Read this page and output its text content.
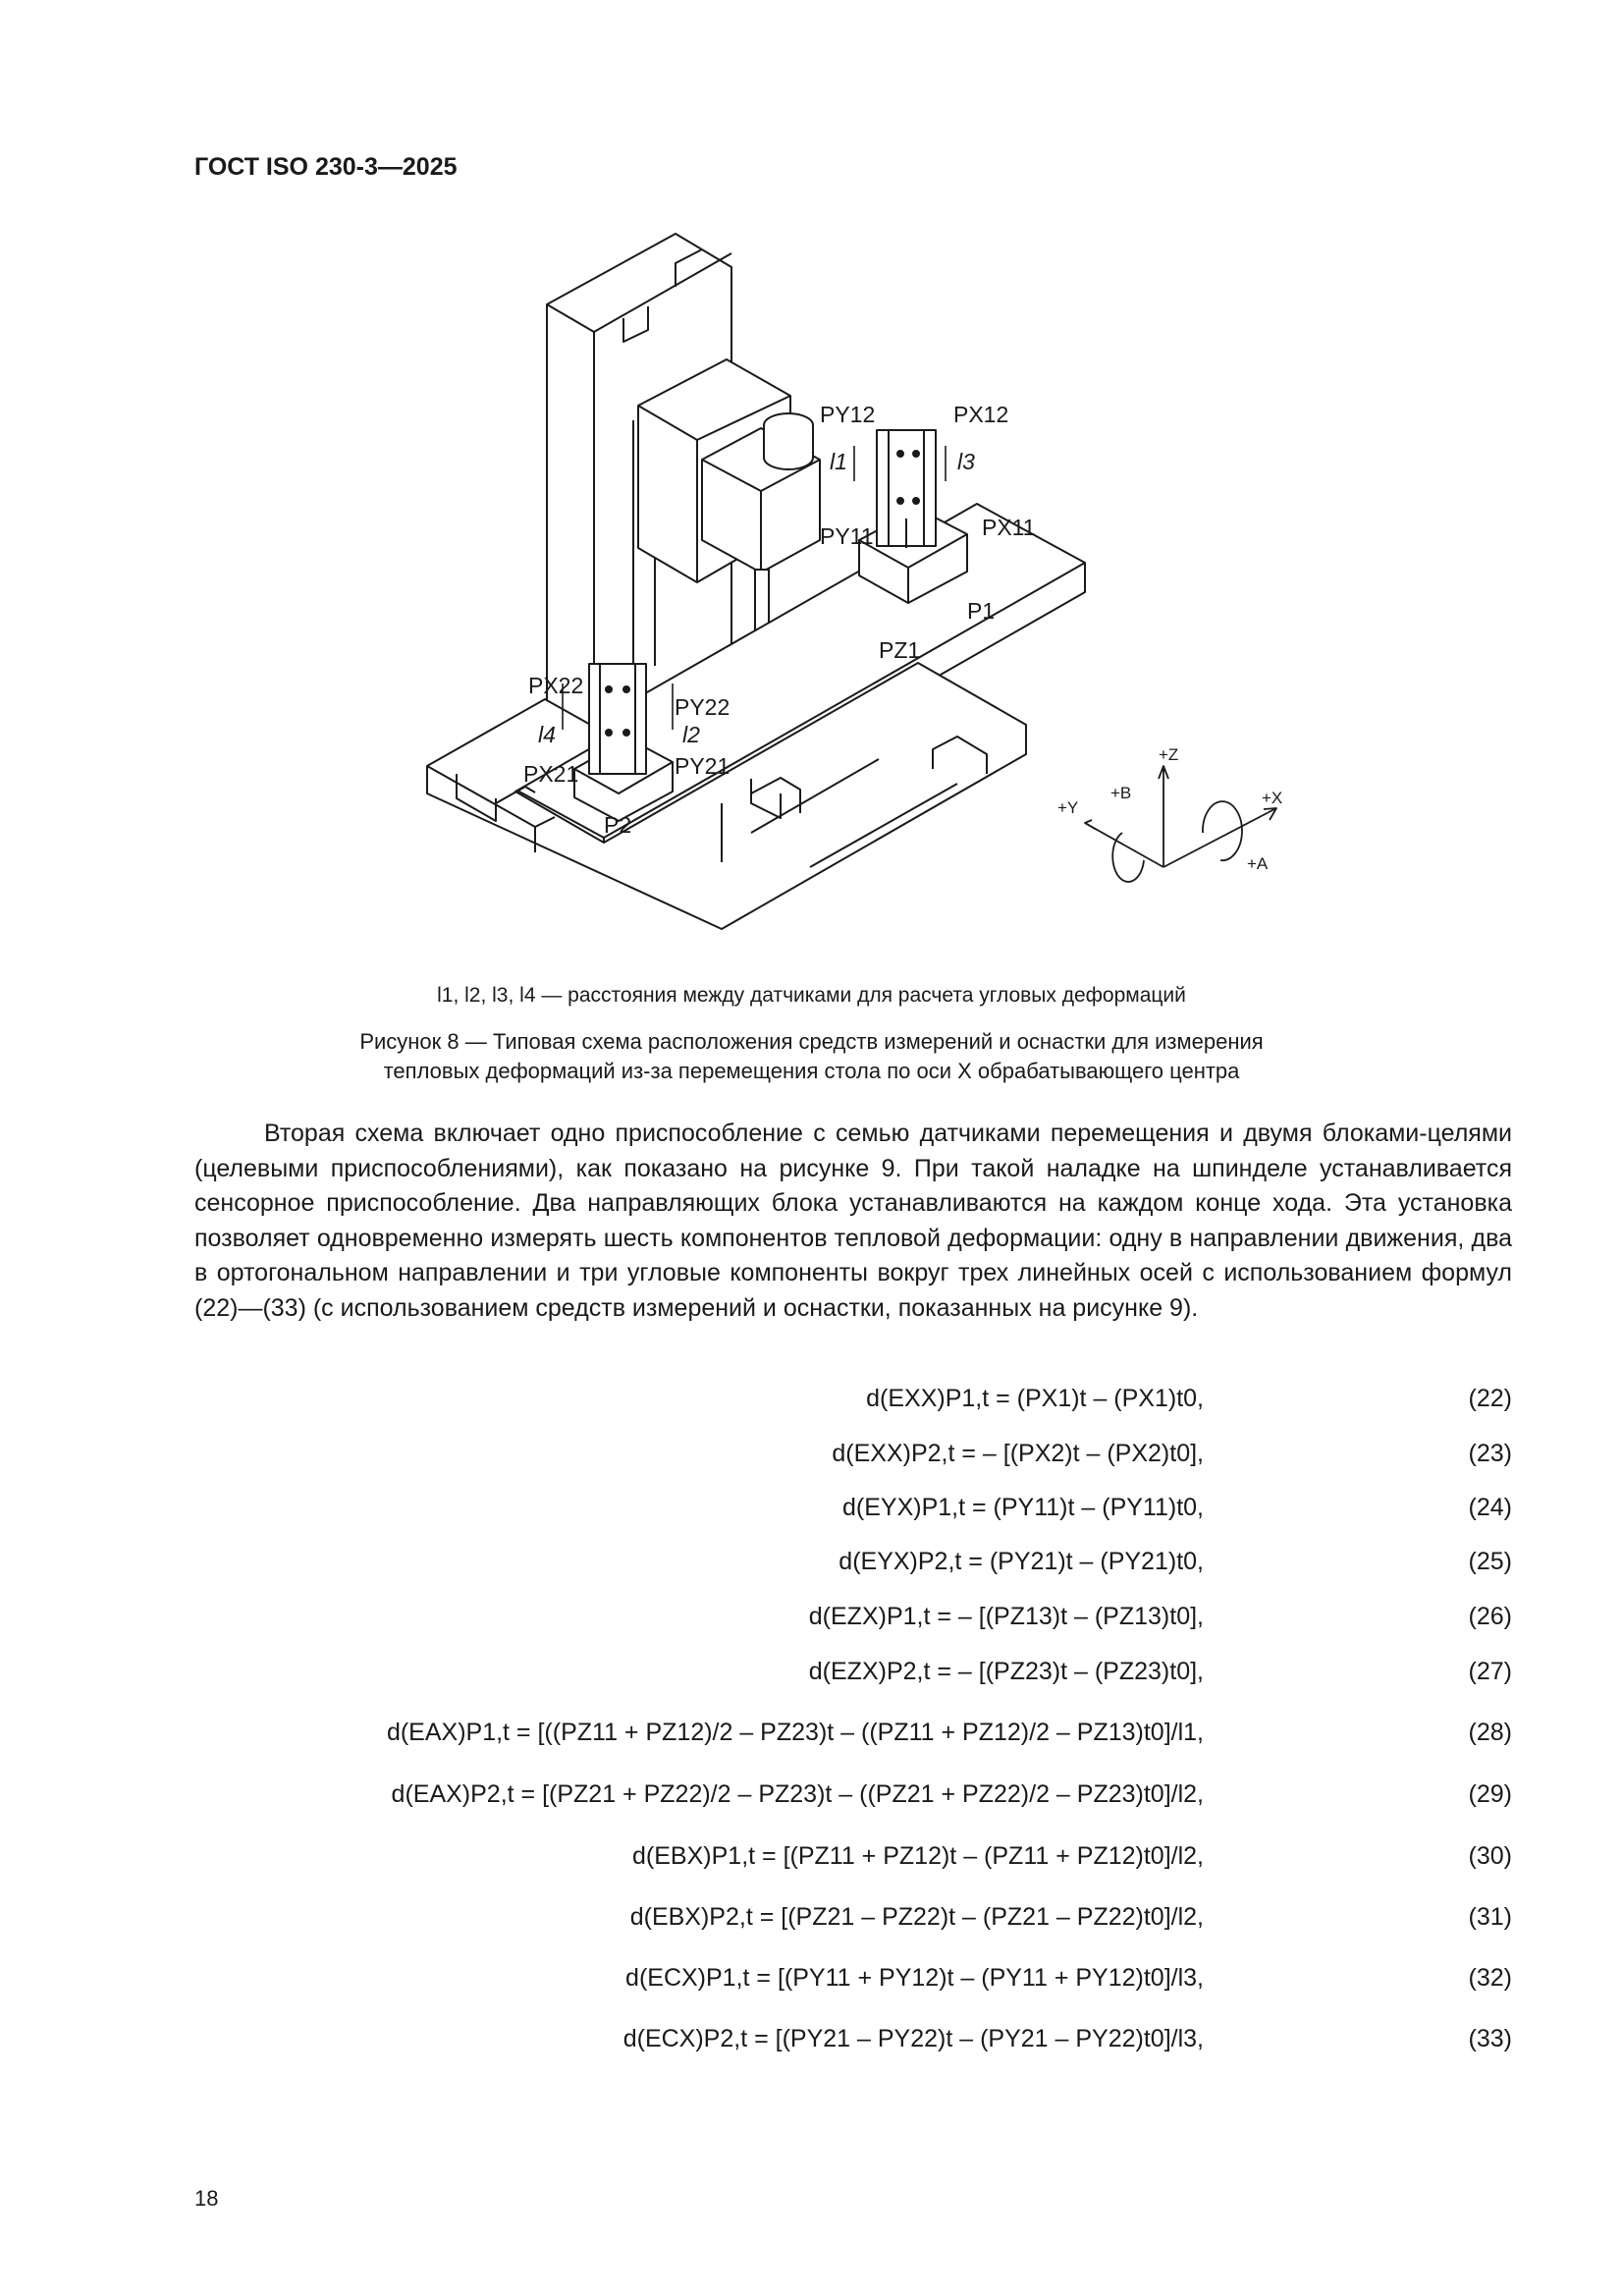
ГОСТ ISO 230-3—2025
PY12	PX12
PY11	PX11
P1
PZ1
PX22
PY22
PX21	PY21
P2
l1	l3
l4	l2
+Z
+B
+Y
+X
+A
l1, l2, l3, l4 — расстояния между датчиками для расчета угловых деформаций
Рисунок 8 — Типовая схема расположения средств измерений и оснастки для измерения
тепловых деформаций из-за перемещения стола по оси X обрабатывающего центра

Вторая схема включает одно приспособление с семью датчиками перемещения и двумя блоками-целями (целевыми приспособлениями), как показано на рисунке 9. При такой наладке на шпинделе устанавливается сенсорное приспособление. Два направляющих блока устанавливаются на каждом конце хода. Эта установка позволяет одновременно измерять шесть компонентов тепловой деформации: одну в направлении движения, два в ортогональном направлении и три угловые компоненты вокруг трех линейных осей с использованием формул (22)—(33) (с использованием средств измерений и оснастки, показанных на рисунке 9).

d(EXX)P1,t = (PX1)t – (PX1)t0,	(22)
d(EXX)P2,t = – [(PX2)t – (PX2)t0],	(23)
d(EYX)P1,t = (PY11)t – (PY11)t0,	(24)
d(EYX)P2,t = (PY21)t – (PY21)t0,	(25)
d(EZX)P1,t = – [(PZ13)t – (PZ13)t0],	(26)
d(EZX)P2,t = – [(PZ23)t – (PZ23)t0],	(27)
d(EAX)P1,t = [((PZ11 + PZ12)/2 – PZ23)t – ((PZ11 + PZ12)/2 – PZ13)t0]/l1,	(28)
d(EAX)P2,t = [(PZ21 + PZ22)/2 – PZ23)t – ((PZ21 + PZ22)/2 – PZ23)t0]/l2,	(29)
d(EBX)P1,t = [(PZ11 + PZ12)t – (PZ11 + PZ12)t0]/l2,	(30)
d(EBX)P2,t = [(PZ21 – PZ22)t – (PZ21 – PZ22)t0]/l2,	(31)
d(ECX)P1,t = [(PY11 + PY12)t – (PY11 + PY12)t0]/l3,	(32)
d(ECX)P2,t = [(PY21 – PY22)t – (PY21 – PY22)t0]/l3,	(33)
18
